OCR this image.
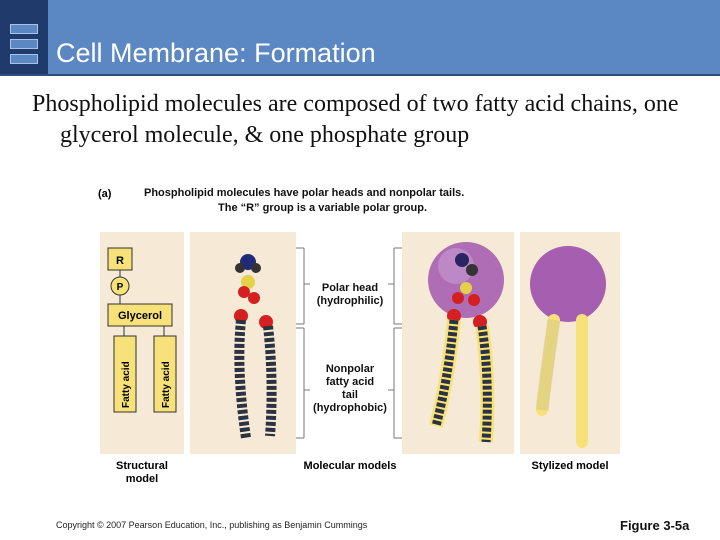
Cell Membrane: Formation
Phospholipid molecules are composed of two fatty acid chains, one glycerol molecule, & one phosphate group
(a)	Phospholipid molecules have polar heads and nonpolar tails.
The “R” group is a variable polar group.
R
P
Glycerol
Fatty acid	Fatty acid
Structural
model
Polar head
(hydrophilic)
Nonpolar
fatty acid
tail
(hydrophobic)
Molecular models	Stylized model
Copyright © 2007 Pearson Education, Inc., publishing as Benjamin Cummings	Figure 3-5a
